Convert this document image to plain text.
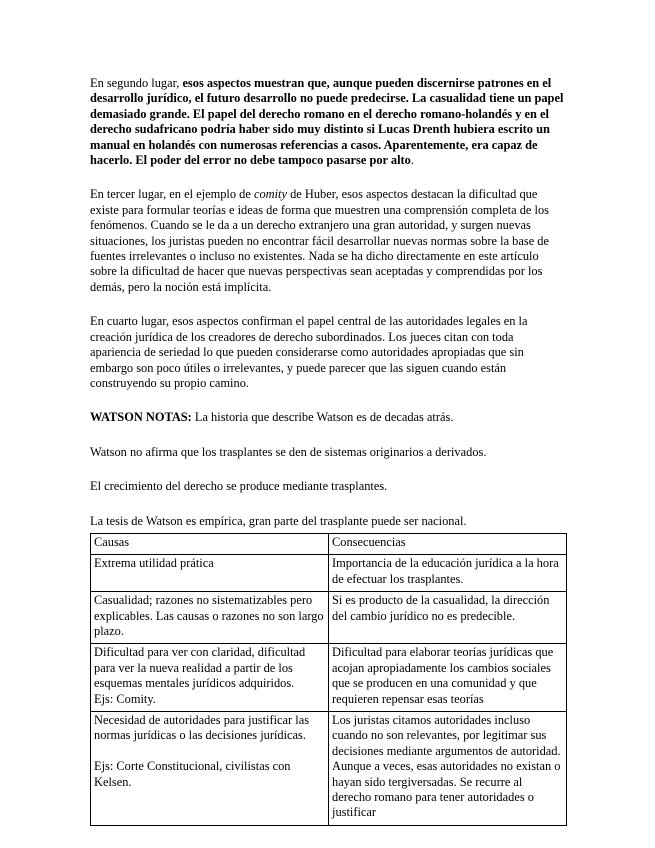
En segundo lugar, esos aspectos muestran que, aunque pueden discernirse patrones en el desarrollo jurídico, el futuro desarrollo no puede predecirse. La casualidad tiene un papel demasiado grande. El papel del derecho romano en el derecho romano-holandés y en el derecho sudafricano podría haber sido muy distinto si Lucas Drenth hubiera escrito un manual en holandés con numerosas referencias a casos. Aparentemente, era capaz de hacerlo. El poder del error no debe tampoco pasarse por alto.

En tercer lugar, en el ejemplo de comity de Huber, esos aspectos destacan la dificultad que existe para formular teorías e ideas de forma que muestren una comprensión completa de los fenómenos. Cuando se le da a un derecho extranjero una gran autoridad, y surgen nuevas situaciones, los juristas pueden no encontrar fácil desarrollar nuevas normas sobre la base de fuentes irrelevantes o incluso no existentes. Nada se ha dicho directamente en este artículo sobre la dificultad de hacer que nuevas perspectivas sean aceptadas y comprendidas por los demás, pero la noción está implícita.

En cuarto lugar, esos aspectos confirman el papel central de las autoridades legales en la creación jurídica de los creadores de derecho subordinados. Los jueces citan con toda apariencia de seriedad lo que pueden considerarse como autoridades apropiadas que sin embargo son poco útiles o irrelevantes, y puede parecer que las siguen cuando están construyendo su propio camino.

WATSON NOTAS: La historia que describe Watson es de decadas atrás.

Watson no afirma que los trasplantes se den de sistemas originarios a derivados.

El crecimiento del derecho se produce mediante trasplantes.

La tesis de Watson es empírica, gran parte del trasplante puede ser nacional.

Causas	Consecuencias
Extrema utilidad prática	Importancia de la educación jurídica a la hora de efectuar los trasplantes.
Casualidad; razones no sistematizables pero explicables. Las causas o razones no son largo plazo.	Si es producto de la casualidad, la dirección del cambio jurídico no es predecible.
Dificultad para ver con claridad, dificultad para ver la nueva realidad a partir de los esquemas mentales jurídicos adquiridos.
Ejs: Comity.	Dificultad para elaborar teorías jurídicas que acojan apropiadamente los cambios sociales que se producen en una comunidad y que requieren repensar esas teorías
Necesidad de autoridades para justificar las normas jurídicas o las decisiones jurídicas.

Ejs: Corte Constitucional, civilistas con Kelsen.	Los juristas citamos autoridades incluso cuando no son relevantes, por legitimar sus decisiones mediante argumentos de autoridad. Aunque a veces, esas autoridades no existan o hayan sido tergiversadas. Se recurre al derecho romano para tener autoridades o justificar
